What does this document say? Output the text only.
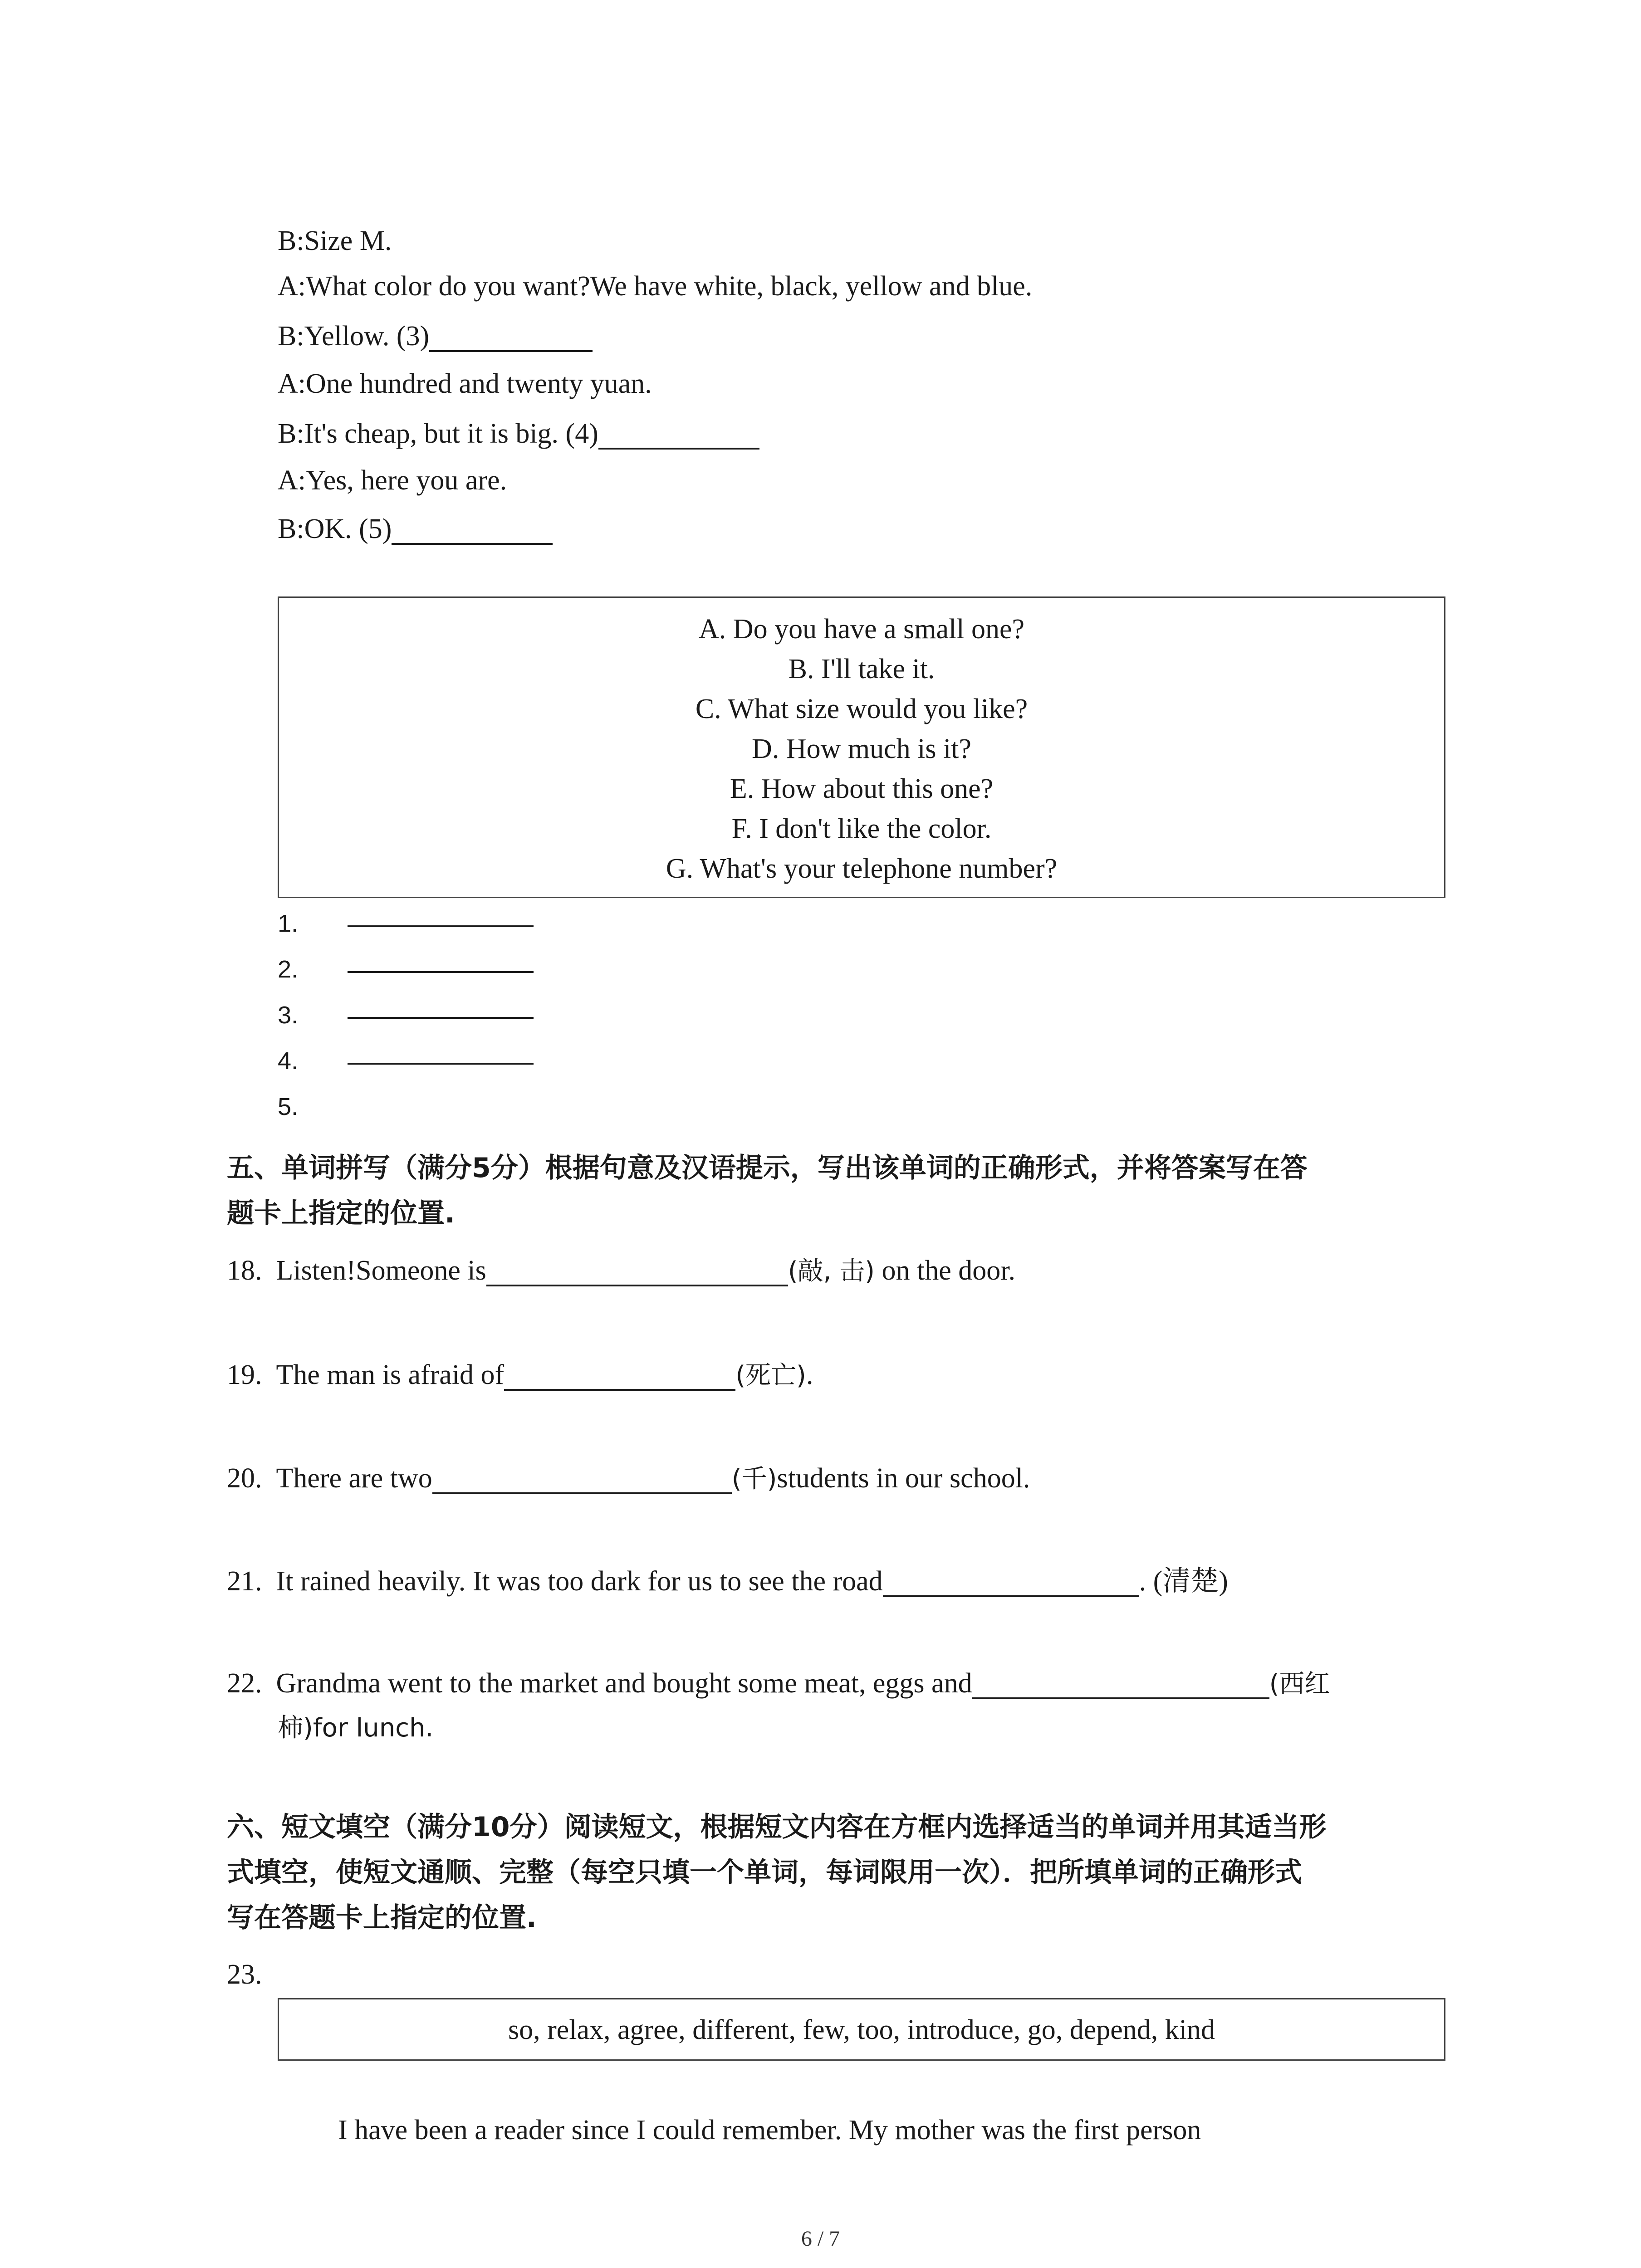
B:Size M.
A:What color do you want?We have white, black, yellow and blue.
B:Yellow. (3)
A:One hundred and twenty yuan.
B:It's cheap, but it is big. (4)
A:Yes, here you are.
B:OK. (5)
A. Do you have a small one?
B. I'll take it.
C. What size would you like?
D. How much is it?
E. How about this one?
F. I don't like the color.
G. What's your telephone number?
1.
2.
3.
4.
5.
五、单词拼写（满分5分）根据句意及汉语提示，写出该单词的正确形式，并将答案写在答
题卡上指定的位置.
18. Listen!Someone is	(敲, 击) on the door.
19. The man is afraid of	(死亡).
20. There are two	(千)students in our school.
21. It rained heavily. It was too dark for us to see the road	. (清楚)
22. Grandma went to the market and bought some meat, eggs and	(西红
柿)for lunch.
六、短文填空（满分10分）阅读短文，根据短文内容在方框内选择适当的单词并用其适当形
式填空，使短文通顺、完整（每空只填一个单词，每词限用一次）．把所填单词的正确形式
写在答题卡上指定的位置.
23.
so, relax, agree, different, few, too, introduce, go, depend, kind
I have been a reader since I could remember. My mother was the first person
6 / 7
